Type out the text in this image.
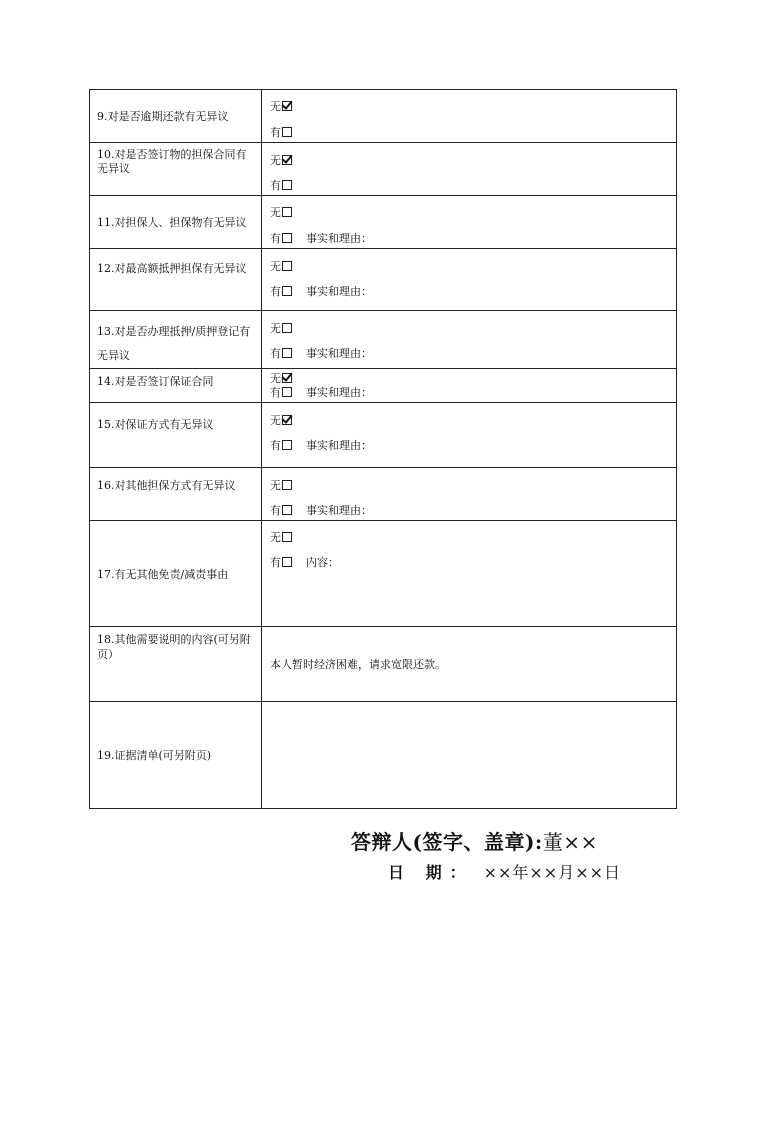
9.对是否逾期还款有无异议	无
有

10.对是否签订物的担保合同有无异议	无
有

11.对担保人、担保物有无异议	无
有 事实和理由：

12.对最高额抵押担保有无异议	无
有 事实和理由：

13.对是否办理抵押/质押登记有无异议	无
有 事实和理由：

14.对是否签订保证合同	无
有 事实和理由：

15.对保证方式有无异议	无
有 事实和理由：

16.对其他担保方式有无异议	无
有 事实和理由：

17.有无其他免责/减责事由	无
有 内容：

18.其他需要说明的内容(可另附页）	本人暂时经济困难，请求宽限还款。

19.证据清单(可另附页)	

答辩人(签字、盖章):董××
日 期： ××年××月××日
